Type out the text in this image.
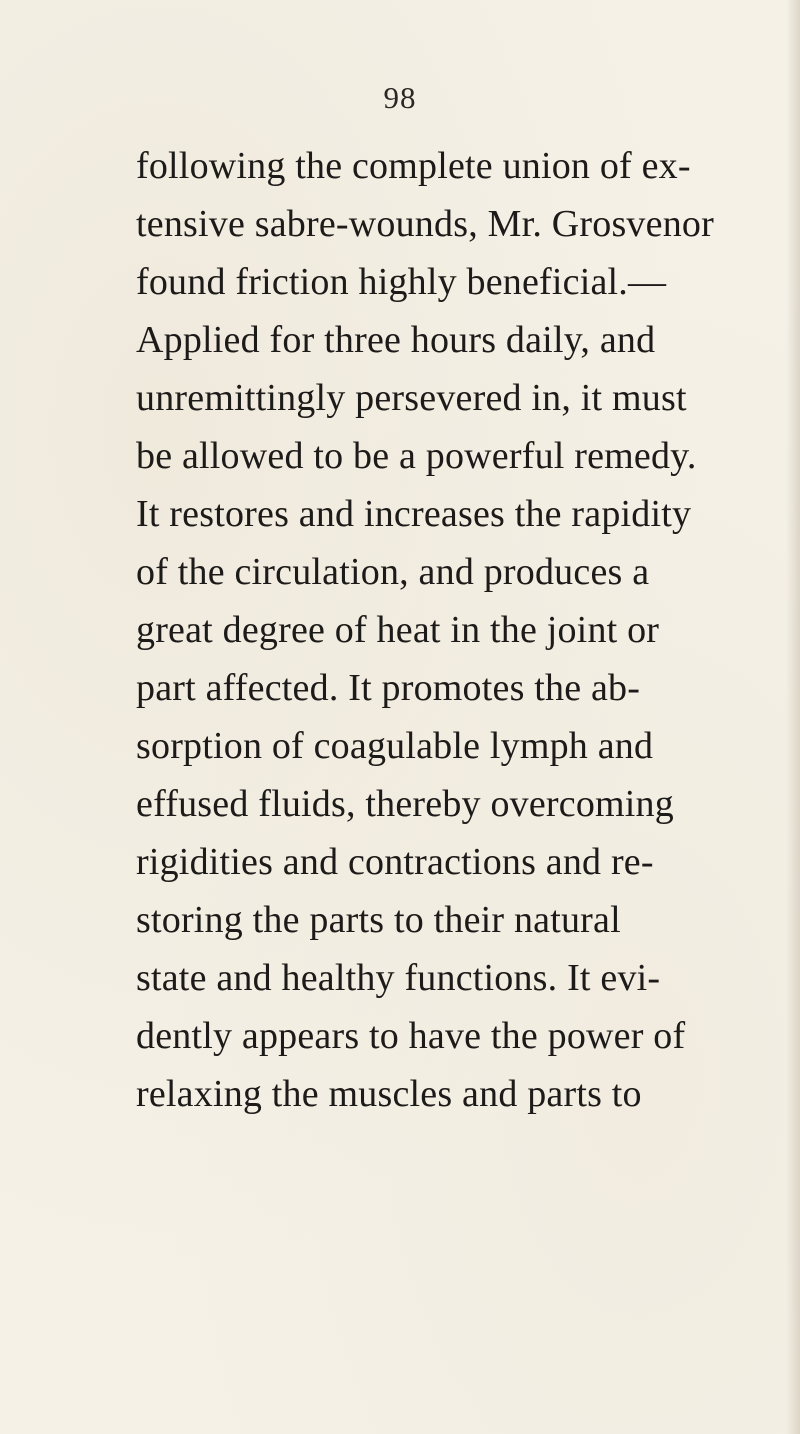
98
following the complete union of ex-
tensive sabre-wounds, Mr. Grosvenor
found friction highly beneficial.—
Applied for three hours daily, and
unremittingly persevered in, it must
be allowed to be a powerful remedy.
It restores and increases the rapidity
of the circulation, and produces a
great degree of heat in the joint or
part affected. It promotes the ab-
sorption of coagulable lymph and
effused fluids, thereby overcoming
rigidities and contractions and re-
storing the parts to their natural
state and healthy functions. It evi-
dently appears to have the power of
relaxing the muscles and parts to
